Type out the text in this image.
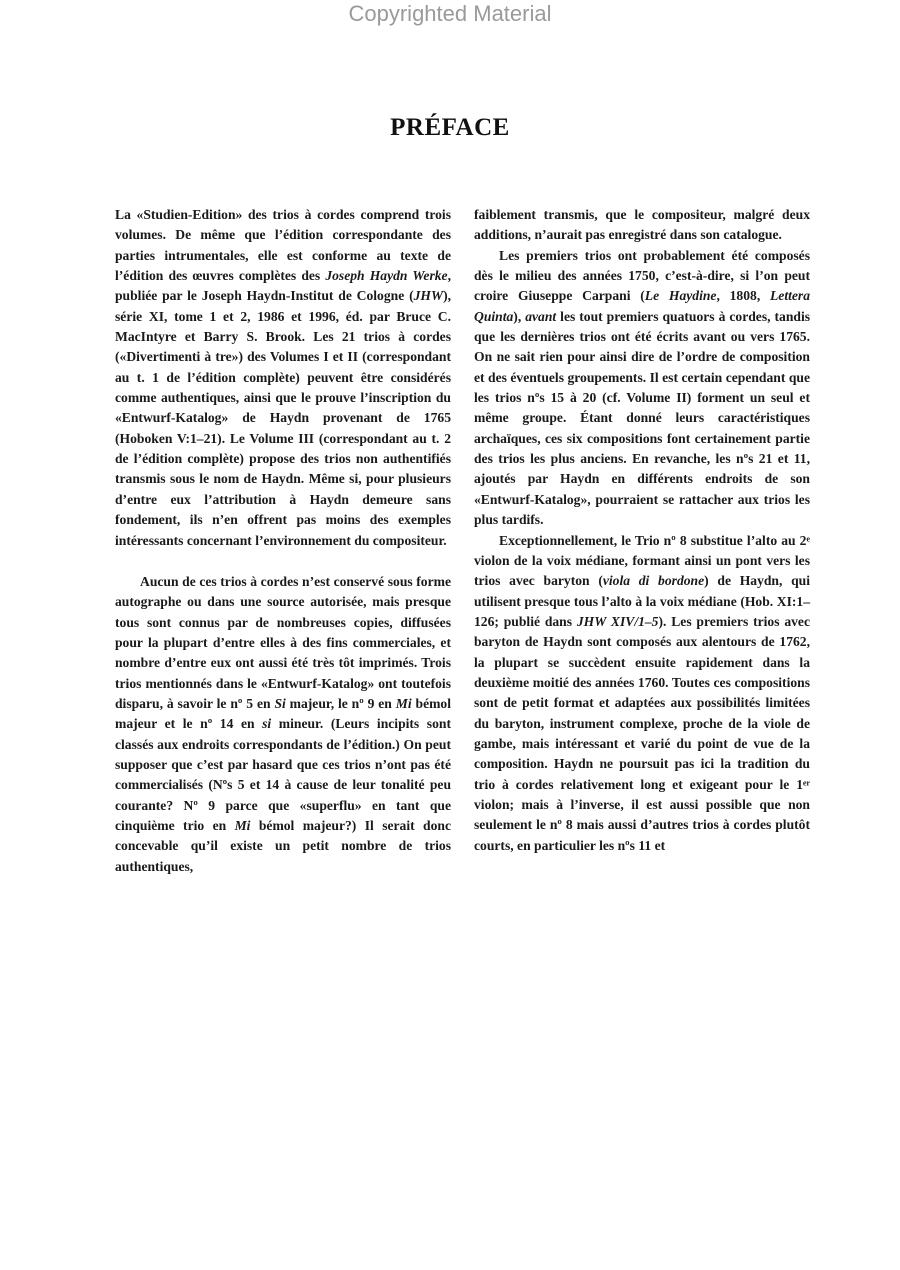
Copyrighted Material
PRÉFACE

La «Studien-Edition» des trios à cordes comprend trois volumes. De même que l’édition correspondante des parties intrumentales, elle est conforme au texte de l’édition des œuvres complètes des Joseph Haydn Werke, publiée par le Joseph Haydn-Institut de Cologne (JHW), série XI, tome 1 et 2, 1986 et 1996, éd. par Bruce C. MacIntyre et Barry S. Brook. Les 21 trios à cordes («Divertimenti à tre») des Volumes I et II (correspondant au t. 1 de l’édition complète) peuvent être considérés comme authentiques, ainsi que le prouve l’inscription du «Entwurf-Katalog» de Haydn provenant de 1765 (Hoboken V:1–21). Le Volume III (correspondant au t. 2 de l’édition complète) propose des trios non authentifiés transmis sous le nom de Haydn. Même si, pour plusieurs d’entre eux l’attribution à Haydn demeure sans fondement, ils n’en offrent pas moins des exemples intéressants concernant l’environnement du compositeur.

Aucun de ces trios à cordes n’est conservé sous forme autographe ou dans une source autorisée, mais presque tous sont connus par de nombreuses copies, diffusées pour la plupart d’entre elles à des fins commerciales, et nombre d’entre eux ont aussi été très tôt imprimés. Trois trios mentionnés dans le «Entwurf-Katalog» ont toutefois disparu, à savoir le nº 5 en Si majeur, le nº 9 en Mi bémol majeur et le nº 14 en si mineur. (Leurs incipits sont classés aux endroits correspondants de l’édition.) On peut supposer que c’est par hasard que ces trios n’ont pas été commercialisés (Nºs 5 et 14 à cause de leur tonalité peu courante? Nº 9 parce que «superflu» en tant que cinquième trio en Mi bémol majeur?) Il serait donc concevable qu’il existe un petit nombre de trios authentiques,

faiblement transmis, que le compositeur, malgré deux additions, n’aurait pas enregistré dans son catalogue.

Les premiers trios ont probablement été composés dès le milieu des années 1750, c’est-à-dire, si l’on peut croire Giuseppe Carpani (Le Haydine, 1808, Lettera Quinta), avant les tout premiers quatuors à cordes, tandis que les dernières trios ont été écrits avant ou vers 1765. On ne sait rien pour ainsi dire de l’ordre de composition et des éventuels groupements. Il est certain cependant que les trios nºs 15 à 20 (cf. Volume II) forment un seul et même groupe. Étant donné leurs caractéristiques archaïques, ces six compositions font certainement partie des trios les plus anciens. En revanche, les nºs 21 et 11, ajoutés par Haydn en différents endroits de son «Entwurf-Katalog», pourraient se rattacher aux trios les plus tardifs.

Exceptionnellement, le Trio nº 8 substitue l’alto au 2ᵉ violon de la voix médiane, formant ainsi un pont vers les trios avec baryton (viola di bordone) de Haydn, qui utilisent presque tous l’alto à la voix médiane (Hob. XI:1–126; publié dans JHW XIV/1–5). Les premiers trios avec baryton de Haydn sont composés aux alentours de 1762, la plupart se succèdent ensuite rapidement dans la deuxième moitié des années 1760. Toutes ces compositions sont de petit format et adaptées aux possibilités limitées du baryton, instrument complexe, proche de la viole de gambe, mais intéressant et varié du point de vue de la composition. Haydn ne poursuit pas ici la tradition du trio à cordes relativement long et exigeant pour le 1ᵉʳ violon; mais à l’inverse, il est aussi possible que non seulement le nº 8 mais aussi d’autres trios à cordes plutôt courts, en particulier les nºs 11 et
